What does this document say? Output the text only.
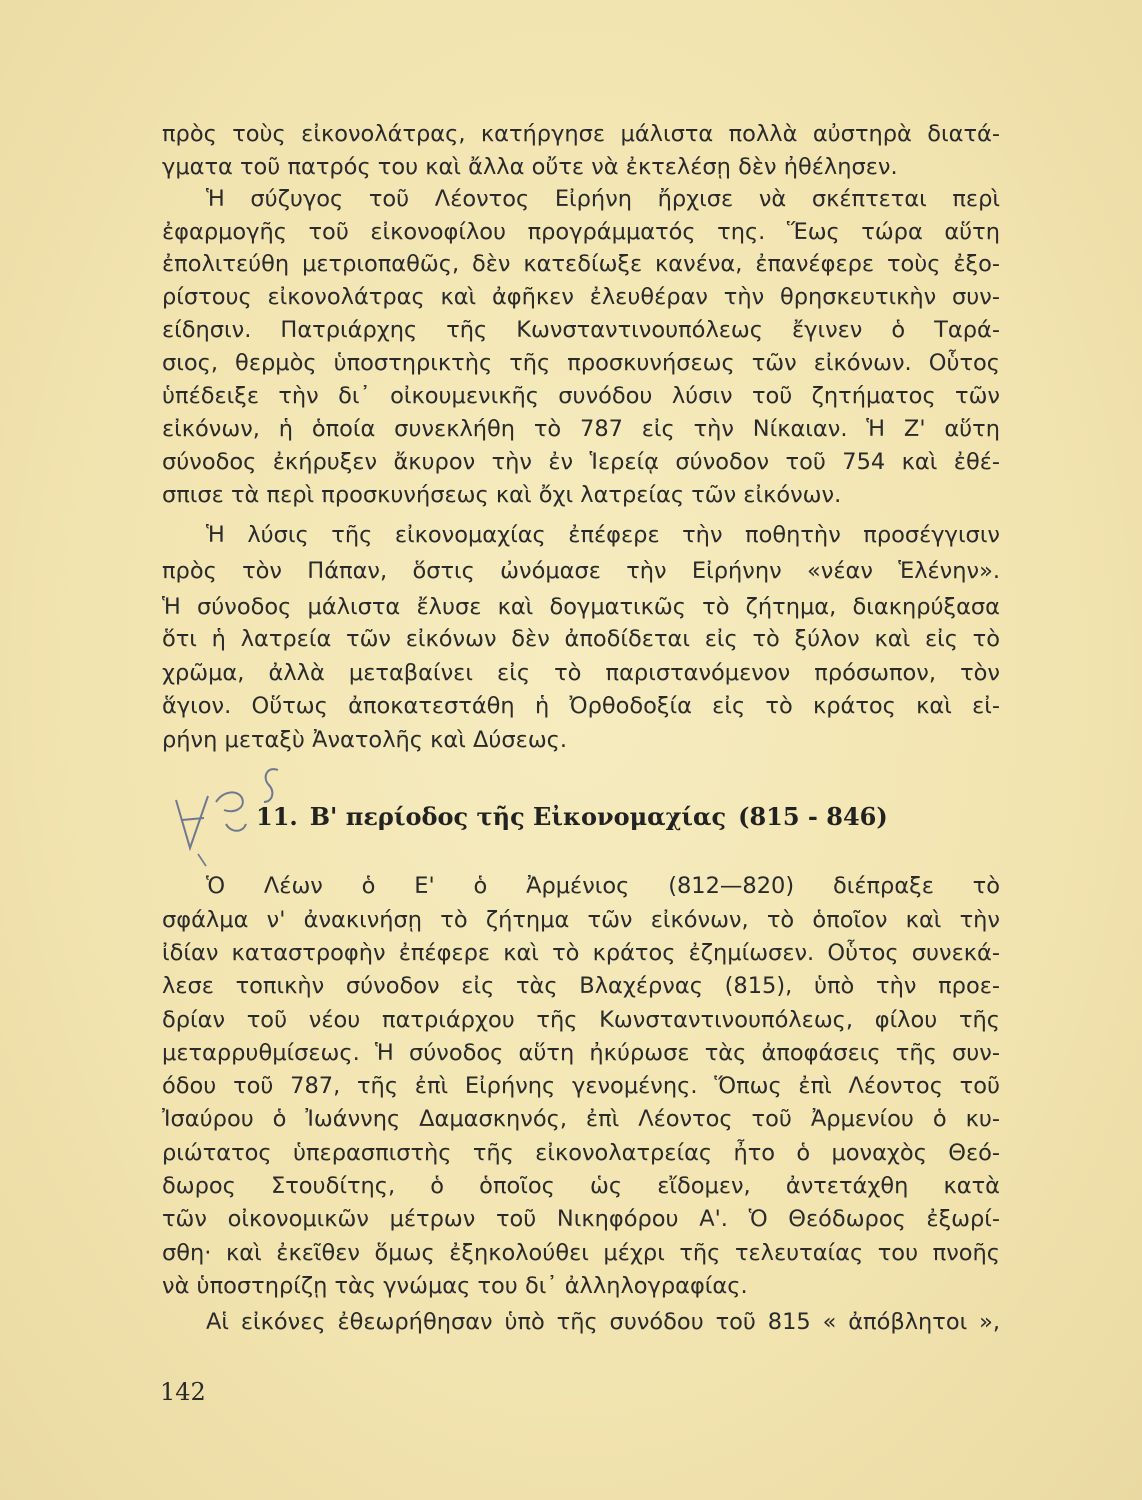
πρὸς τοὺς εἰκονολάτρας, κατήργησε μάλιστα πολλὰ αὐστηρὰ διατά-
γματα τοῦ πατρός του καὶ ἄλλα οὔτε νὰ ἐκτελέσῃ δὲν ἠθέλησεν.
Ἡ σύζυγος τοῦ Λέοντος Εἰρήνη ἤρχισε νὰ σκέπτεται περὶ
ἐφαρμογῆς τοῦ εἰκονοφίλου προγράμματός της. Ἕως τώρα αὕτη
ἐπολιτεύθη μετριοπαθῶς, δὲν κατεδίωξε κανένα, ἐπανέφερε τοὺς ἐξο-
ρίστους εἰκονολάτρας καὶ ἀφῆκεν ἐλευθέραν τὴν θρησκευτικὴν συν-
είδησιν. Πατριάρχης τῆς Κωνσταντινουπόλεως ἔγινεν ὁ Ταρά-
σιος, θερμὸς ὑποστηρικτὴς τῆς προσκυνήσεως τῶν εἰκόνων. Οὗτος
ὑπέδειξε τὴν δι᾿ οἰκουμενικῆς συνόδου λύσιν τοῦ ζητήματος τῶν
εἰκόνων, ἡ ὁποία συνεκλήθη τὸ 787 εἰς τὴν Νίκαιαν. Ἡ Ζ' αὕτη
σύνοδος ἐκήρυξεν ἄκυρον τὴν ἐν Ἱερείᾳ σύνοδον τοῦ 754 καὶ ἐθέ-
σπισε τὰ περὶ προσκυνήσεως καὶ ὄχι λατρείας τῶν εἰκόνων.
Ἡ λύσις τῆς εἰκονομαχίας ἐπέφερε τὴν ποθητὴν προσέγγισιν
πρὸς τὸν Πάπαν, ὅστις ὠνόμασε τὴν Εἰρήνην «νέαν Ἑλένην».
Ἡ σύνοδος μάλιστα ἔλυσε καὶ δογματικῶς τὸ ζήτημα, διακηρύξασα
ὅτι ἡ λατρεία τῶν εἰκόνων δὲν ἀποδίδεται εἰς τὸ ξύλον καὶ εἰς τὸ
χρῶμα, ἀλλὰ μεταβαίνει εἰς τὸ παριστανόμενον πρόσωπον, τὸν
ἅγιον. Οὕτως ἀποκατεστάθη ἡ Ὀρθοδοξία εἰς τὸ κράτος καὶ εἰ-
ρήνη μεταξὺ Ἀνατολῆς καὶ Δύσεως.
11. Β' περίοδος τῆς Εἰκονομαχίας (815 - 846)
Ὁ Λέων ὁ Ε' ὁ Ἀρμένιος (812—820) διέπραξε τὸ
σφάλμα ν' ἀνακινήσῃ τὸ ζήτημα τῶν εἰκόνων, τὸ ὁποῖον καὶ τὴν
ἰδίαν καταστροφὴν ἐπέφερε καὶ τὸ κράτος ἐζημίωσεν. Οὗτος συνεκά-
λεσε τοπικὴν σύνοδον εἰς τὰς Βλαχέρνας (815), ὑπὸ τὴν προε-
δρίαν τοῦ νέου πατριάρχου τῆς Κωνσταντινουπόλεως, φίλου τῆς
μεταρρυθμίσεως. Ἡ σύνοδος αὕτη ἠκύρωσε τὰς ἀποφάσεις τῆς συν-
όδου τοῦ 787, τῆς ἐπὶ Εἰρήνης γενομένης. Ὅπως ἐπὶ Λέοντος τοῦ
Ἰσαύρου ὁ Ἰωάννης Δαμασκηνός, ἐπὶ Λέοντος τοῦ Ἀρμενίου ὁ κυ-
ριώτατος ὑπερασπιστὴς τῆς εἰκονολατρείας ἦτο ὁ μοναχὸς Θεό-
δωρος Στουδίτης, ὁ ὁποῖος ὡς εἴδομεν, ἀντετάχθη κατὰ
τῶν οἰκονομικῶν μέτρων τοῦ Νικηφόρου Α'. Ὁ Θεόδωρος ἐξωρί-
σθη· καὶ ἐκεῖθεν ὅμως ἐξηκολούθει μέχρι τῆς τελευταίας του πνοῆς
νὰ ὑποστηρίζῃ τὰς γνώμας του δι᾿ ἀλληλογραφίας.
Αἱ εἰκόνες ἐθεωρήθησαν ὑπὸ τῆς συνόδου τοῦ 815 « ἀπόβλητοι »,
142
